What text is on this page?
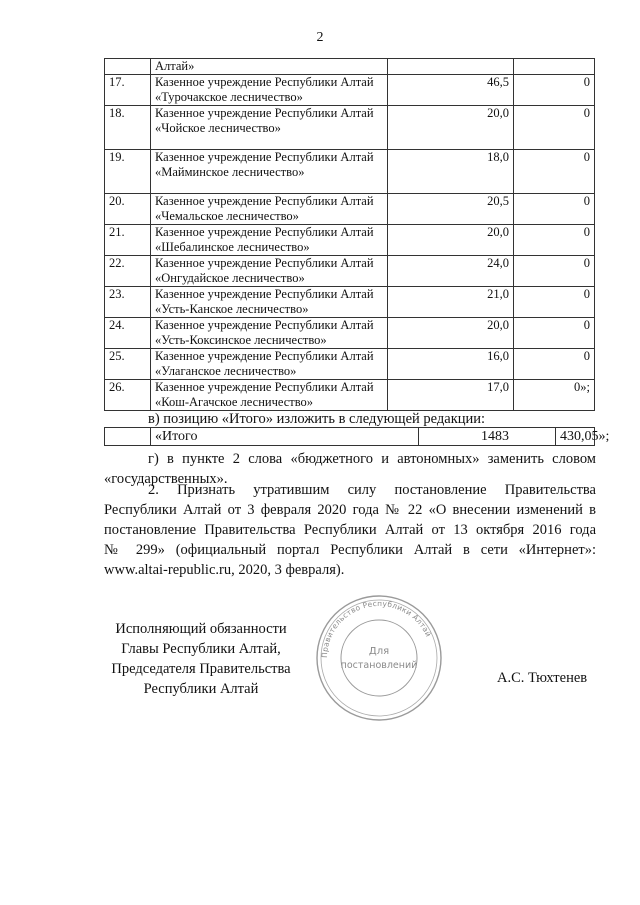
2
	Алтай»		
17.	Казенное учреждение Республики Алтай
«Турочакское лесничество»	46,5	0
18.	Казенное учреждение Республики Алтай
«Чойское лесничество»	20,0	0
19.	Казенное учреждение Республики Алтай
«Майминское лесничество»	18,0	0
20.	Казенное учреждение Республики Алтай
«Чемальское лесничество»	20,5	0
21.	Казенное учреждение Республики Алтай
«Шебалинское лесничество»	20,0	0
22.	Казенное учреждение Республики Алтай
«Онгудайское лесничество»	24,0	0
23.	Казенное учреждение Республики Алтай
«Усть-Канское лесничество»	21,0	0
24.	Казенное учреждение Республики Алтай
«Усть-Коксинское лесничество»	20,0	0
25.	Казенное учреждение Республики Алтай
«Улаганское лесничество»	16,0	0
26.	Казенное учреждение Республики Алтай
«Кош-Агачское лесничество»	17,0	0»;
в) позицию «Итого» изложить в следующей редакции:
	«Итого	1483	430,05»;
г) в пункте 2 слова «бюджетного и автономных» заменить словом
«государственных».
2. Признать утратившим силу постановление Правительства
Республики Алтай от 3 февраля 2020 года № 22 «О внесении изменений в
постановление Правительства Республики Алтай от 13 октября 2016 года
№ 299» (официальный портал Республики Алтай в сети «Интернет»:
www.altai-republic.ru, 2020, 3 февраля).
Исполняющий обязанности
Главы Республики Алтай,
Председателя Правительства
Республики Алтай
А.С. Тюхтенев
Правительство Республики Алтай
Для
постановлений
